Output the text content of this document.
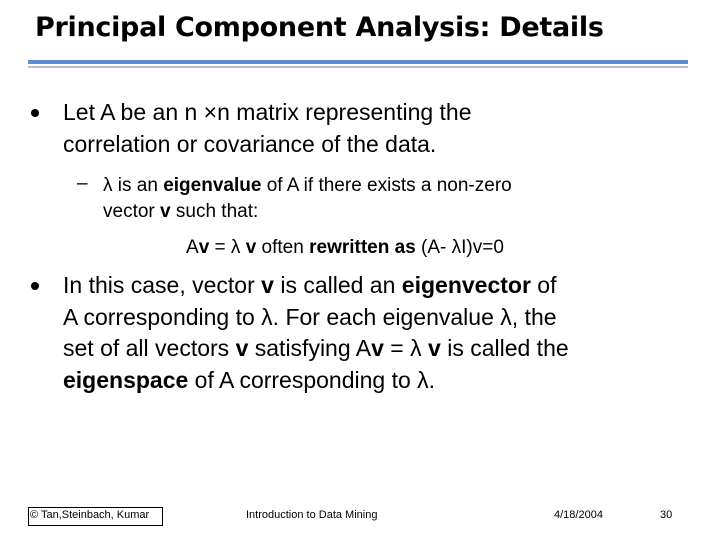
Principal Component Analysis: Details
Let A be an n ×n matrix representing the
correlation or covariance of the data.
– λ is an eigenvalue of A if there exists a non-zero
vector v such that:
Av = λ v often rewritten as (A- λI)v=0
In this case, vector v is called an eigenvector of
A corresponding to λ. For each eigenvalue λ, the
set of all vectors v satisfying Av = λ v is called the
eigenspace of A corresponding to λ.
© Tan,Steinbach, Kumar	Introduction to Data Mining	4/18/2004	30
